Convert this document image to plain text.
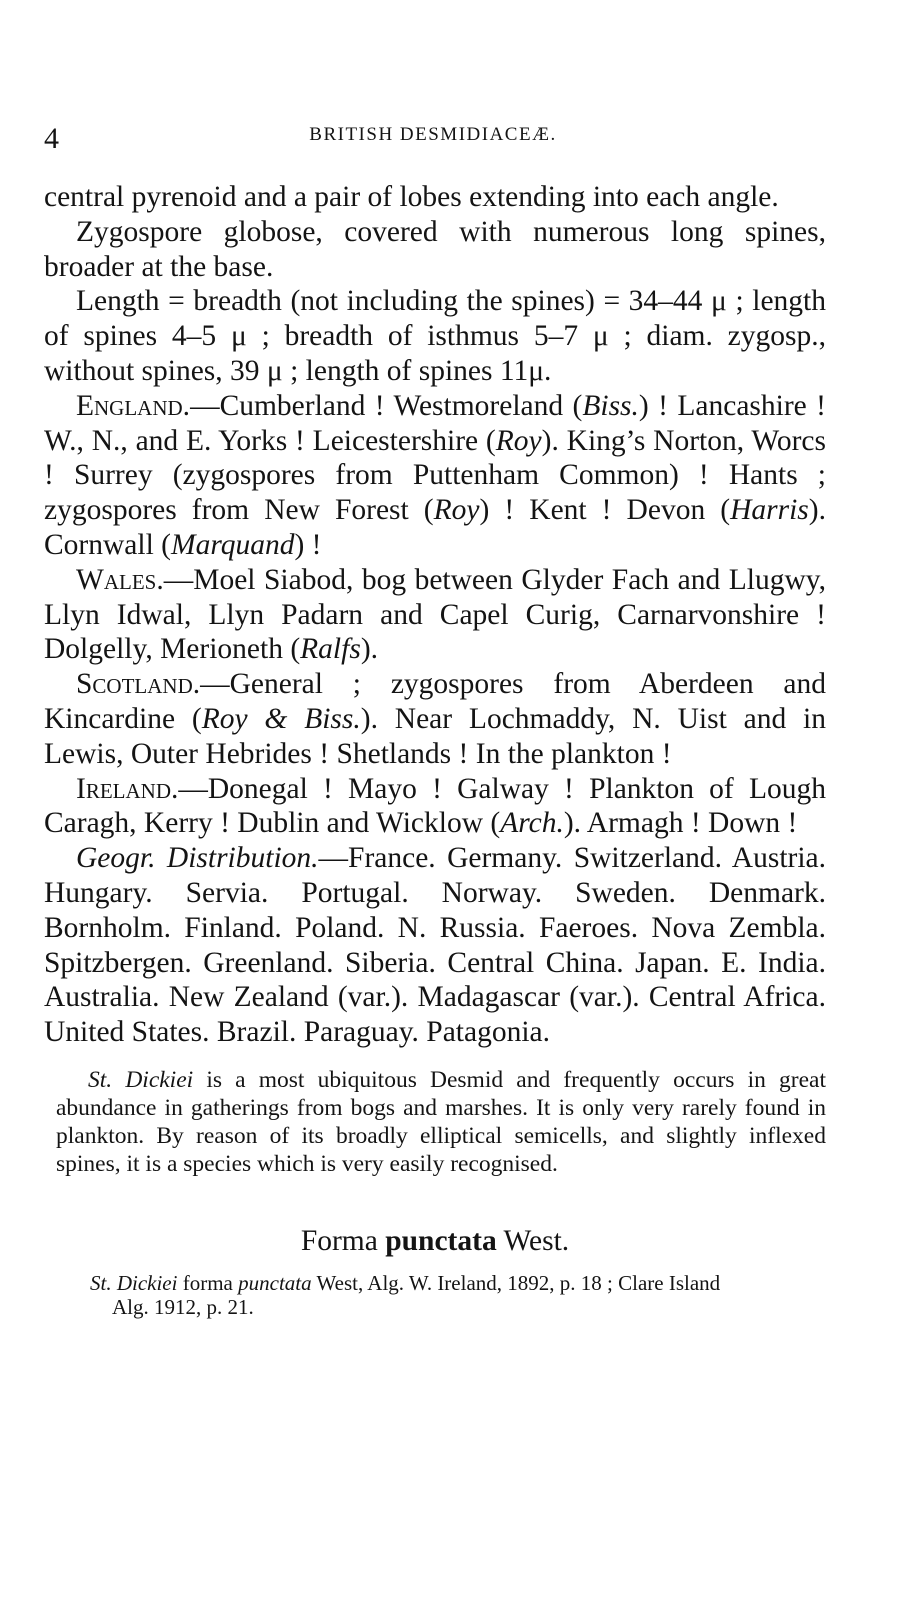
4	BRITISH DESMIDIACEÆ.

central pyrenoid and a pair of lobes extending into each angle.

Zygospore globose, covered with numerous long spines, broader at the base.

Length = breadth (not including the spines) = 34–44 μ ; length of spines 4–5 μ ; breadth of isthmus 5–7 μ ; diam. zygosp., without spines, 39 μ ; length of spines 11μ.

England.—Cumberland ! Westmoreland (Biss.) ! Lancashire ! W., N., and E. Yorks ! Leicestershire (Roy). King’s Norton, Worcs ! Surrey (zygospores from Puttenham Common) ! Hants ; zygospores from New Forest (Roy) ! Kent ! Devon (Harris). Cornwall (Marquand) !

Wales.—Moel Siabod, bog between Glyder Fach and Llugwy, Llyn Idwal, Llyn Padarn and Capel Curig, Carnarvonshire ! Dolgelly, Merioneth (Ralfs).

Scotland.—General ; zygospores from Aberdeen and Kincardine (Roy & Biss.). Near Lochmaddy, N. Uist and in Lewis, Outer Hebrides ! Shetlands ! In the plankton !

Ireland.—Donegal ! Mayo ! Galway ! Plankton of Lough Caragh, Kerry ! Dublin and Wicklow (Arch.). Armagh ! Down !

Geogr. Distribution.—France. Germany. Switzerland. Austria. Hungary. Servia. Portugal. Norway. Sweden. Denmark. Bornholm. Finland. Poland. N. Russia. Faeroes. Nova Zembla. Spitzbergen. Greenland. Siberia. Central China. Japan. E. India. Australia. New Zealand (var.). Madagascar (var.). Central Africa. United States. Brazil. Paraguay. Patagonia.

St. Dickiei is a most ubiquitous Desmid and frequently occurs in great abundance in gatherings from bogs and marshes. It is only very rarely found in plankton. By reason of its broadly elliptical semicells, and slightly inflexed spines, it is a species which is very easily recognised.

Forma punctata West.

St. Dickiei forma punctata West, Alg. W. Ireland, 1892, p. 18 ; Clare Island
Alg. 1912, p. 21.
